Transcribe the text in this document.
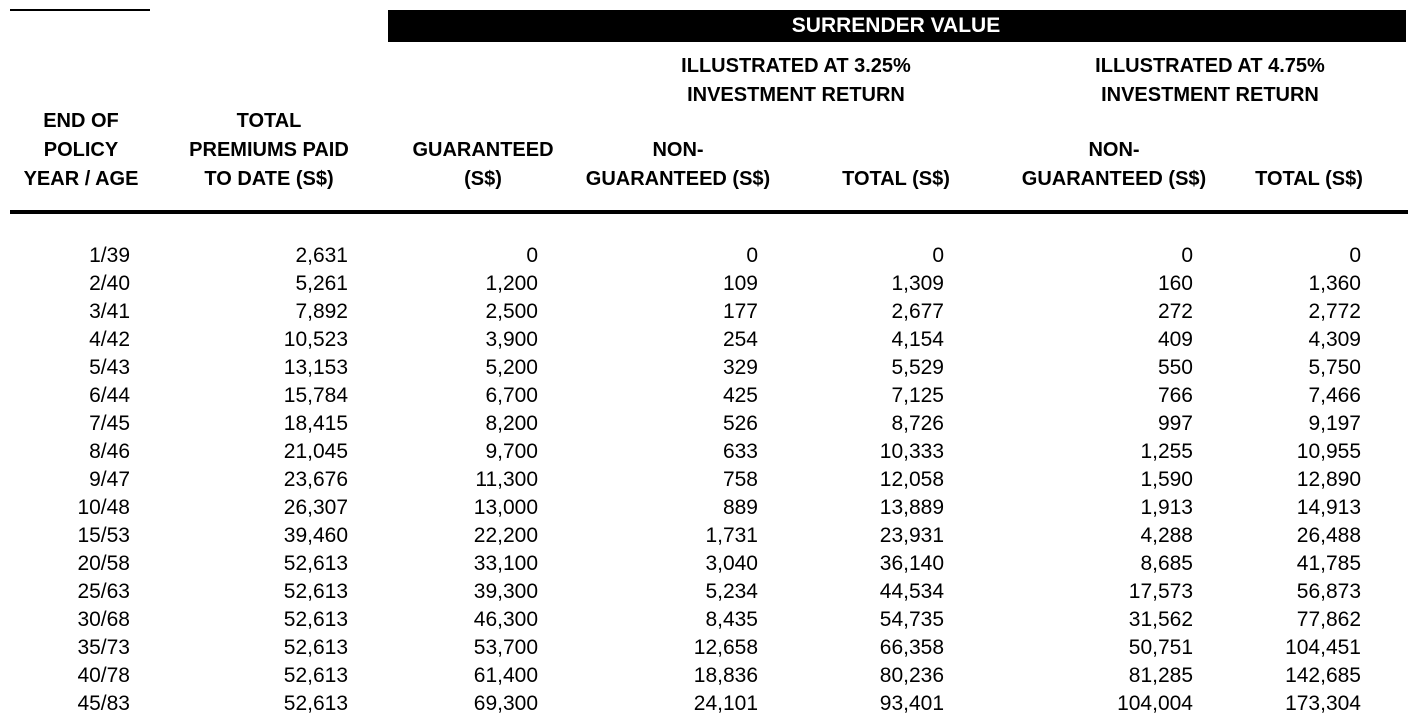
SURRENDER VALUE
ILLUSTRATED AT 3.25%
INVESTMENT RETURN
ILLUSTRATED AT 4.75%
INVESTMENT RETURN
END OF
POLICY
YEAR / AGE
TOTAL
PREMIUMS PAID
TO DATE (S$)
GUARANTEED
(S$)
NON-
GUARANTEED (S$)	TOTAL (S$)
NON-
GUARANTEED (S$)	TOTAL (S$)
1/39	2,631	0	0	0	0	0
2/40	5,261	1,200	109	1,309	160	1,360
3/41	7,892	2,500	177	2,677	272	2,772
4/42	10,523	3,900	254	4,154	409	4,309
5/43	13,153	5,200	329	5,529	550	5,750
6/44	15,784	6,700	425	7,125	766	7,466
7/45	18,415	8,200	526	8,726	997	9,197
8/46	21,045	9,700	633	10,333	1,255	10,955
9/47	23,676	11,300	758	12,058	1,590	12,890
10/48	26,307	13,000	889	13,889	1,913	14,913
15/53	39,460	22,200	1,731	23,931	4,288	26,488
20/58	52,613	33,100	3,040	36,140	8,685	41,785
25/63	52,613	39,300	5,234	44,534	17,573	56,873
30/68	52,613	46,300	8,435	54,735	31,562	77,862
35/73	52,613	53,700	12,658	66,358	50,751	104,451
40/78	52,613	61,400	18,836	80,236	81,285	142,685
45/83	52,613	69,300	24,101	93,401	104,004	173,304
